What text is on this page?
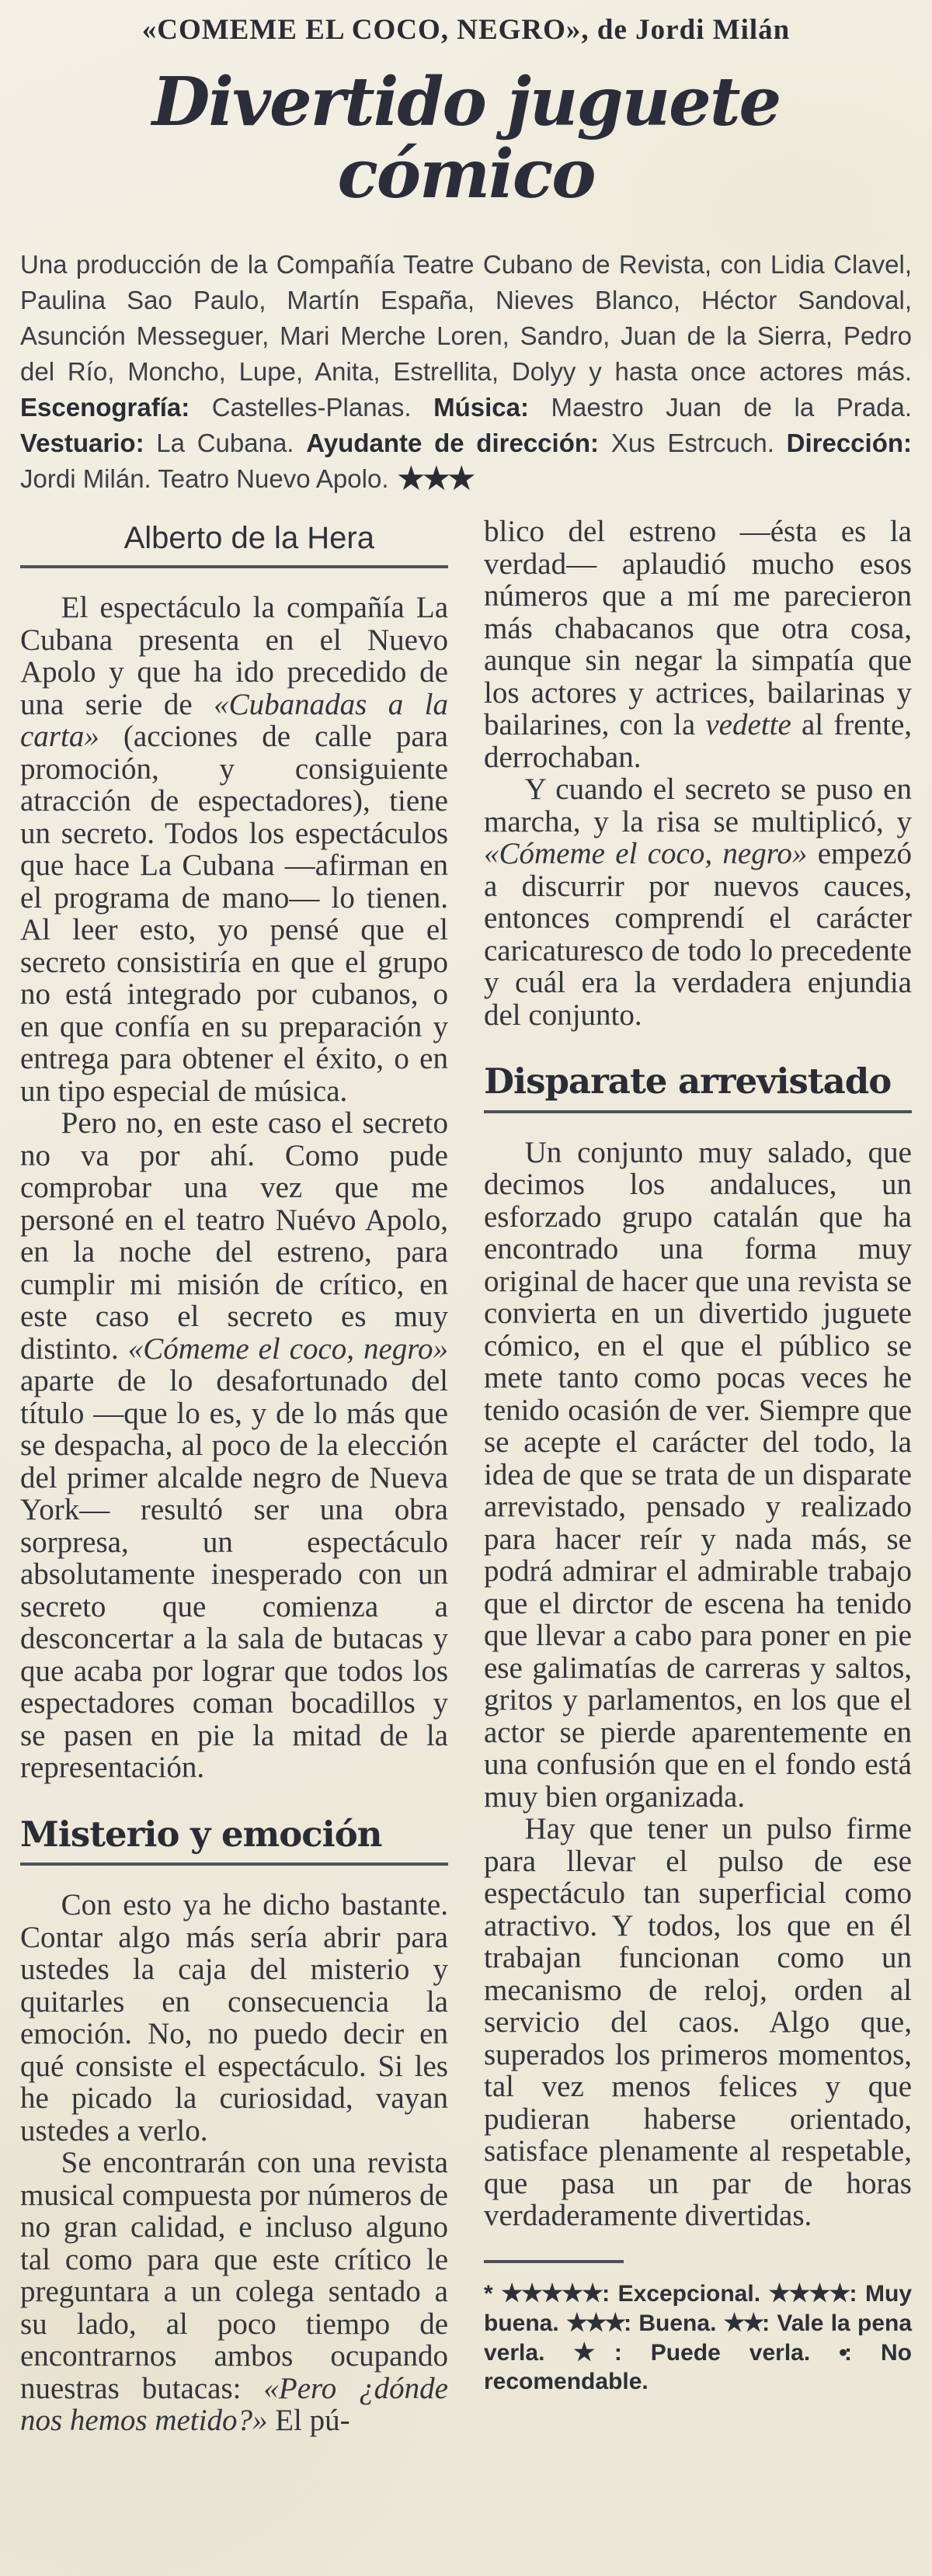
«COMEME EL COCO, NEGRO», de Jordi Milán

Divertido juguete cómico

Una producción de la Compañía Teatre Cubano de Revista, con Lidia Clavel, Paulina Sao Paulo, Martín España, Nieves Blanco, Héctor Sandoval, Asunción Messeguer, Mari Merche Loren, Sandro, Juan de la Sierra, Pedro del Río, Moncho, Lupe, Anita, Estrellita, Dolyy y hasta once actores más. Escenografía: Castelles-Planas. Música: Maestro Juan de la Prada. Vestuario: La Cubana. Ayudante de dirección: Xus Estrcuch. Dirección: Jordi Milán. Teatro Nuevo Apolo. ★★★

Alberto de la Hera

El espectáculo la compañía La Cubana presenta en el Nuevo Apolo y que ha ido precedido de una serie de «Cubanadas a la carta» (acciones de calle para promoción, y consiguiente atracción de espectadores), tiene un secreto. Todos los espectáculos que hace La Cubana —afirman en el programa de mano— lo tienen. Al leer esto, yo pensé que el secreto consistiría en que el grupo no está integrado por cubanos, o en que confía en su preparación y entrega para obtener el éxito, o en un tipo especial de música.

Pero no, en este caso el secreto no va por ahí. Como pude comprobar una vez que me personé en el teatro Nuévo Apolo, en la noche del estreno, para cumplir mi misión de crítico, en este caso el secreto es muy distinto. «Cómeme el coco, negro» aparte de lo desafortunado del título —que lo es, y de lo más que se despacha, al poco de la elección del primer alcalde negro de Nueva York— resultó ser una obra sorpresa, un espectáculo absolutamente inesperado con un secreto que comienza a desconcertar a la sala de butacas y que acaba por lograr que todos los espectadores coman bocadillos y se pasen en pie la mitad de la representación.

Misterio y emoción

Con esto ya he dicho bastante. Contar algo más sería abrir para ustedes la caja del misterio y quitarles en consecuencia la emoción. No, no puedo decir en qué consiste el espectáculo. Si les he picado la curiosidad, vayan ustedes a verlo.

Se encontrarán con una revista musical compuesta por números de no gran calidad, e incluso alguno tal como para que este crítico le preguntara a un colega sentado a su lado, al poco tiempo de encontrarnos ambos ocupando nuestras butacas: «Pero ¿dónde nos hemos metido?» El pú-

blico del estreno —ésta es la verdad— aplaudió mucho esos números que a mí me parecieron más chabacanos que otra cosa, aunque sin negar la simpatía que los actores y actrices, bailarinas y bailarines, con la vedette al frente, derrochaban.

Y cuando el secreto se puso en marcha, y la risa se multiplicó, y «Cómeme el coco, negro» empezó a discurrir por nuevos cauces, entonces comprendí el carácter caricaturesco de todo lo precedente y cuál era la verdadera enjundia del conjunto.

Disparate arrevistado

Un conjunto muy salado, que decimos los andaluces, un esforzado grupo catalán que ha encontrado una forma muy original de hacer que una revista se convierta en un divertido juguete cómico, en el que el público se mete tanto como pocas veces he tenido ocasión de ver. Siempre que se acepte el carácter del todo, la idea de que se trata de un disparate arrevistado, pensado y realizado para hacer reír y nada más, se podrá admirar el admirable trabajo que el dirctor de escena ha tenido que llevar a cabo para poner en pie ese galimatías de carreras y saltos, gritos y parlamentos, en los que el actor se pierde aparentemente en una confusión que en el fondo está muy bien organizada.

Hay que tener un pulso firme para llevar el pulso de ese espectáculo tan superficial como atractivo. Y todos, los que en él trabajan funcionan como un mecanismo de reloj, orden al servicio del caos. Algo que, superados los primeros momentos, tal vez menos felices y que pudieran haberse orientado, satisface plenamente al respetable, que pasa un par de horas verdaderamente divertidas.

* ★★★★★: Excepcional. ★★★★: Muy buena. ★★★: Buena. ★★: Vale la pena verla. ★: Puede verla. •: No recomendable.
